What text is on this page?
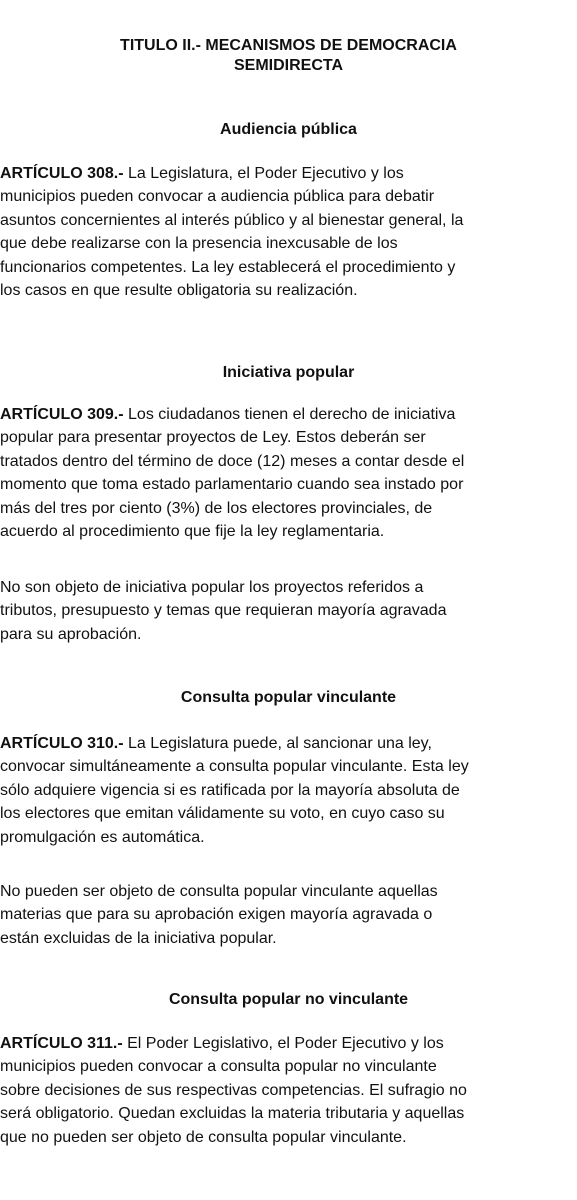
TITULO II.- MECANISMOS DE DEMOCRACIA
SEMIDIRECTA
Audiencia pública

ARTÍCULO 308.- La Legislatura, el Poder Ejecutivo y los municipios pueden convocar a audiencia pública para debatir asuntos concernientes al interés público y al bienestar general, la que debe realizarse con la presencia inexcusable de los funcionarios competentes. La ley establecerá el procedimiento y los casos en que resulte obligatoria su realización.

Iniciativa popular

ARTÍCULO 309.- Los ciudadanos tienen el derecho de iniciativa popular para presentar proyectos de Ley. Estos deberán ser tratados dentro del término de doce (12) meses a contar desde el momento que toma estado parlamentario cuando sea instado por más del tres por ciento (3%) de los electores provinciales, de acuerdo al procedimiento que fije la ley reglamentaria.

No son objeto de iniciativa popular los proyectos referidos a tributos, presupuesto y temas que requieran mayoría agravada para su aprobación.

Consulta popular vinculante

ARTÍCULO 310.- La Legislatura puede, al sancionar una ley, convocar simultáneamente a consulta popular vinculante. Esta ley sólo adquiere vigencia si es ratificada por la mayoría absoluta de los electores que emitan válidamente su voto, en cuyo caso su promulgación es automática.

No pueden ser objeto de consulta popular vinculante aquellas materias que para su aprobación exigen mayoría agravada o están excluidas de la iniciativa popular.

Consulta popular no vinculante

ARTÍCULO 311.- El Poder Legislativo, el Poder Ejecutivo y los municipios pueden convocar a consulta popular no vinculante sobre decisiones de sus respectivas competencias. El sufragio no será obligatorio. Quedan excluidas la materia tributaria y aquellas que no pueden ser objeto de consulta popular vinculante.
